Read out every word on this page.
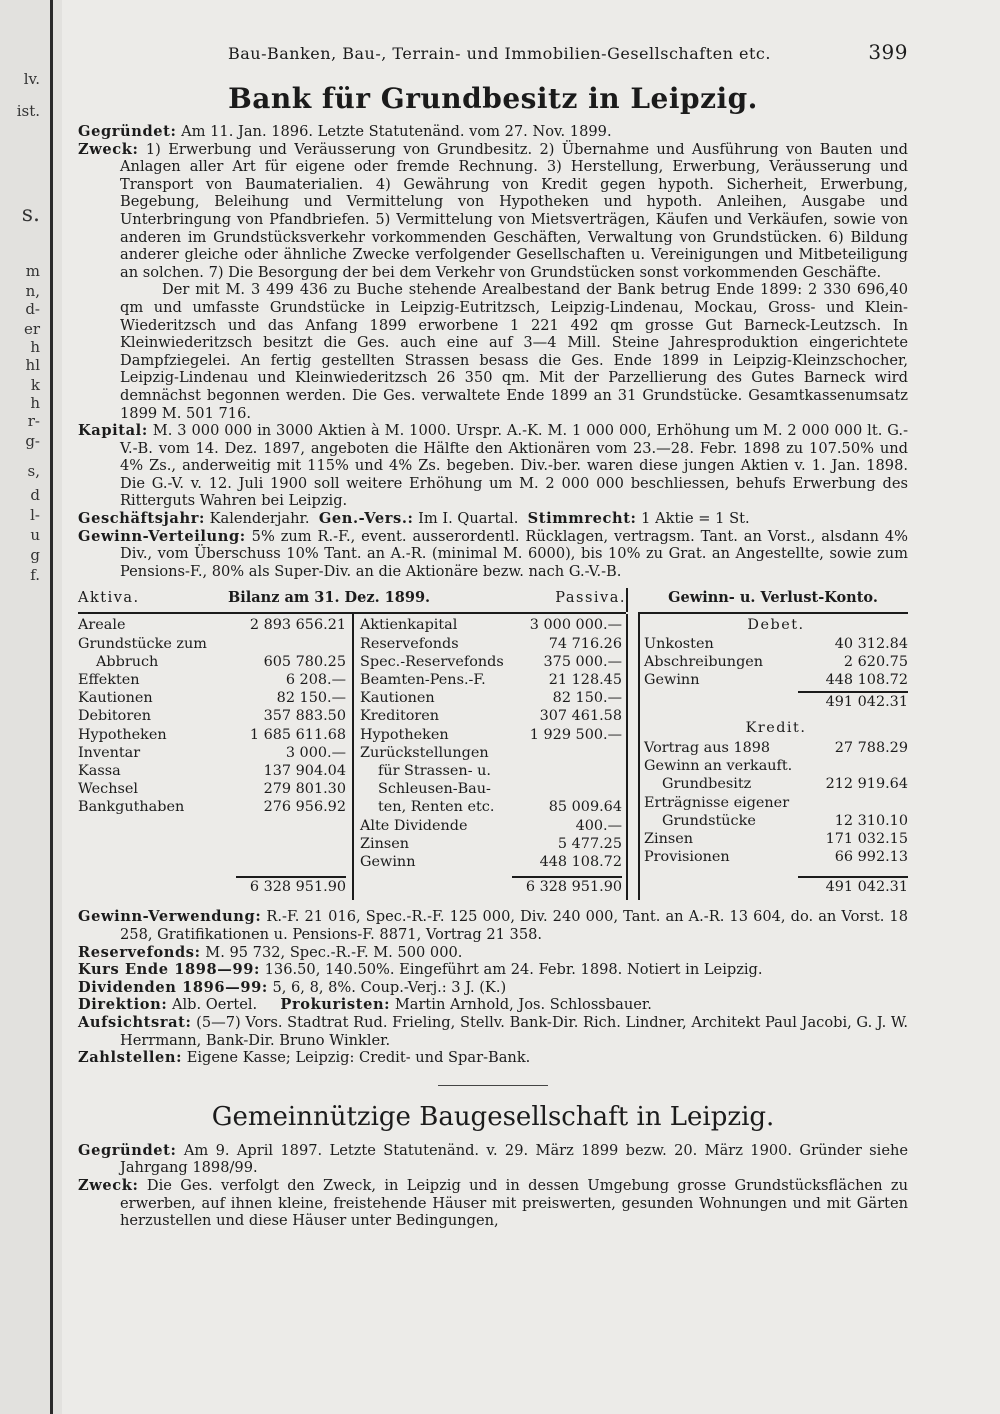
lv.
ist.
s.
m
n,
d-
er
h
hl
k
h
r-
g-
s,
d
l-
u
g
f.
Bau-Banken, Bau-, Terrain- und Immobilien-Gesellschaften etc.	399
Bank für Grundbesitz in Leipzig.

Gegründet: Am 11. Jan. 1896. Letzte Statutenänd. vom 27. Nov. 1899.

Zweck: 1) Erwerbung und Veräusserung von Grundbesitz. 2) Übernahme und Ausführung von Bauten und Anlagen aller Art für eigene oder fremde Rechnung. 3) Herstellung, Erwerbung, Veräusserung und Transport von Baumaterialien. 4) Gewährung von Kredit gegen hypoth. Sicherheit, Erwerbung, Begebung, Beleihung und Vermittelung von Hypotheken und hypoth. Anleihen, Ausgabe und Unterbringung von Pfandbriefen. 5) Vermittelung von Mietsverträgen, Käufen und Verkäufen, sowie von anderen im Grundstücksverkehr vorkommenden Geschäften, Verwaltung von Grundstücken. 6) Bildung anderer gleiche oder ähnliche Zwecke verfolgender Gesellschaften u. Vereinigungen und Mitbeteiligung an solchen. 7) Die Besorgung der bei dem Verkehr von Grundstücken sonst vorkommenden Geschäfte.

Der mit M. 3 499 436 zu Buche stehende Arealbestand der Bank betrug Ende 1899: 2 330 696,40 qm und umfasste Grundstücke in Leipzig-Eutritzsch, Leipzig-Lindenau, Mockau, Gross- und Klein-Wiederitzsch und das Anfang 1899 erworbene 1 221 492 qm grosse Gut Barneck-Leutzsch. In Kleinwiederitzsch besitzt die Ges. auch eine auf 3—4 Mill. Steine Jahresproduktion eingerichtete Dampfziegelei. An fertig gestellten Strassen besass die Ges. Ende 1899 in Leipzig-Kleinzschocher, Leipzig-Lindenau und Kleinwiederitzsch 26 350 qm. Mit der Parzellierung des Gutes Barneck wird demnächst begonnen werden. Die Ges. verwaltete Ende 1899 an 31 Grundstücke. Gesamtkassenumsatz 1899 M. 501 716.

Kapital: M. 3 000 000 in 3000 Aktien à M. 1000. Urspr. A.-K. M. 1 000 000, Erhöhung um M. 2 000 000 lt. G.-V.-B. vom 14. Dez. 1897, angeboten die Hälfte den Aktionären vom 23.—28. Febr. 1898 zu 107.50% und 4% Zs., anderweitig mit 115% und 4% Zs. begeben. Div.-ber. waren diese jungen Aktien v. 1. Jan. 1898. Die G.-V. v. 12. Juli 1900 soll weitere Erhöhung um M. 2 000 000 beschliessen, behufs Erwerbung des Ritterguts Wahren bei Leipzig.

Geschäftsjahr: Kalenderjahr. Gen.-Vers.: Im I. Quartal. Stimmrecht: 1 Aktie = 1 St.

Gewinn-Verteilung: 5% zum R.-F., event. ausserordentl. Rücklagen, vertragsm. Tant. an Vorst., alsdann 4% Div., vom Überschuss 10% Tant. an A.-R. (minimal M. 6000), bis 10% zu Grat. an Angestellte, sowie zum Pensions-F., 80% als Super-Div. an die Aktionäre bezw. nach G.-V.-B.

Aktiva.	Bilanz am 31. Dez. 1899.	Passiva.	Gewinn- u. Verlust-Konto.
Areale	2 893 656.21
Grundstücke zum
Abbruch	605 780.25
Effekten	6 208.—
Kautionen	82 150.—
Debitoren	357 883.50
Hypotheken	1 685 611.68
Inventar	3 000.—
Kassa	137 904.04
Wechsel	279 801.30
Bankguthaben	276 956.92
6 328 951.90
Aktienkapital	3 000 000.—
Reservefonds	74 716.26
Spec.-Reservefonds	375 000.—
Beamten-Pens.-F.	21 128.45
Kautionen	82 150.—
Kreditoren	307 461.58
Hypotheken	1 929 500.—
Zurückstellungen
für Strassen- u.
Schleusen-Bau-
ten, Renten etc.	85 009.64
Alte Dividende	400.—
Zinsen	5 477.25
Gewinn	448 108.72
6 328 951.90
Debet.
Unkosten	40 312.84
Abschreibungen	2 620.75
Gewinn	448 108.72
491 042.31
Kredit.
Vortrag aus 1898	27 788.29
Gewinn an verkauft.
Grundbesitz	212 919.64
Erträgnisse eigener
Grundstücke	12 310.10
Zinsen	171 032.15
Provisionen	66 992.13
491 042.31

Gewinn-Verwendung: R.-F. 21 016, Spec.-R.-F. 125 000, Div. 240 000, Tant. an A.-R. 13 604, do. an Vorst. 18 258, Gratifikationen u. Pensions-F. 8871, Vortrag 21 358.

Reservefonds: M. 95 732, Spec.-R.-F. M. 500 000.

Kurs Ende 1898—99: 136.50, 140.50%. Eingeführt am 24. Febr. 1898. Notiert in Leipzig.

Dividenden 1896—99: 5, 6, 8, 8%. Coup.-Verj.: 3 J. (K.)

Direktion: Alb. Oertel. Prokuristen: Martin Arnhold, Jos. Schlossbauer.

Aufsichtsrat: (5—7) Vors. Stadtrat Rud. Frieling, Stellv. Bank-Dir. Rich. Lindner, Architekt Paul Jacobi, G. J. W. Herrmann, Bank-Dir. Bruno Winkler.

Zahlstellen: Eigene Kasse; Leipzig: Credit- und Spar-Bank.

Gemeinnützige Baugesellschaft in Leipzig.

Gegründet: Am 9. April 1897. Letzte Statutenänd. v. 29. März 1899 bezw. 20. März 1900. Gründer siehe Jahrgang 1898/99.

Zweck: Die Ges. verfolgt den Zweck, in Leipzig und in dessen Umgebung grosse Grundstücksflächen zu erwerben, auf ihnen kleine, freistehende Häuser mit preiswerten, gesunden Wohnungen und mit Gärten herzustellen und diese Häuser unter Bedingungen,
